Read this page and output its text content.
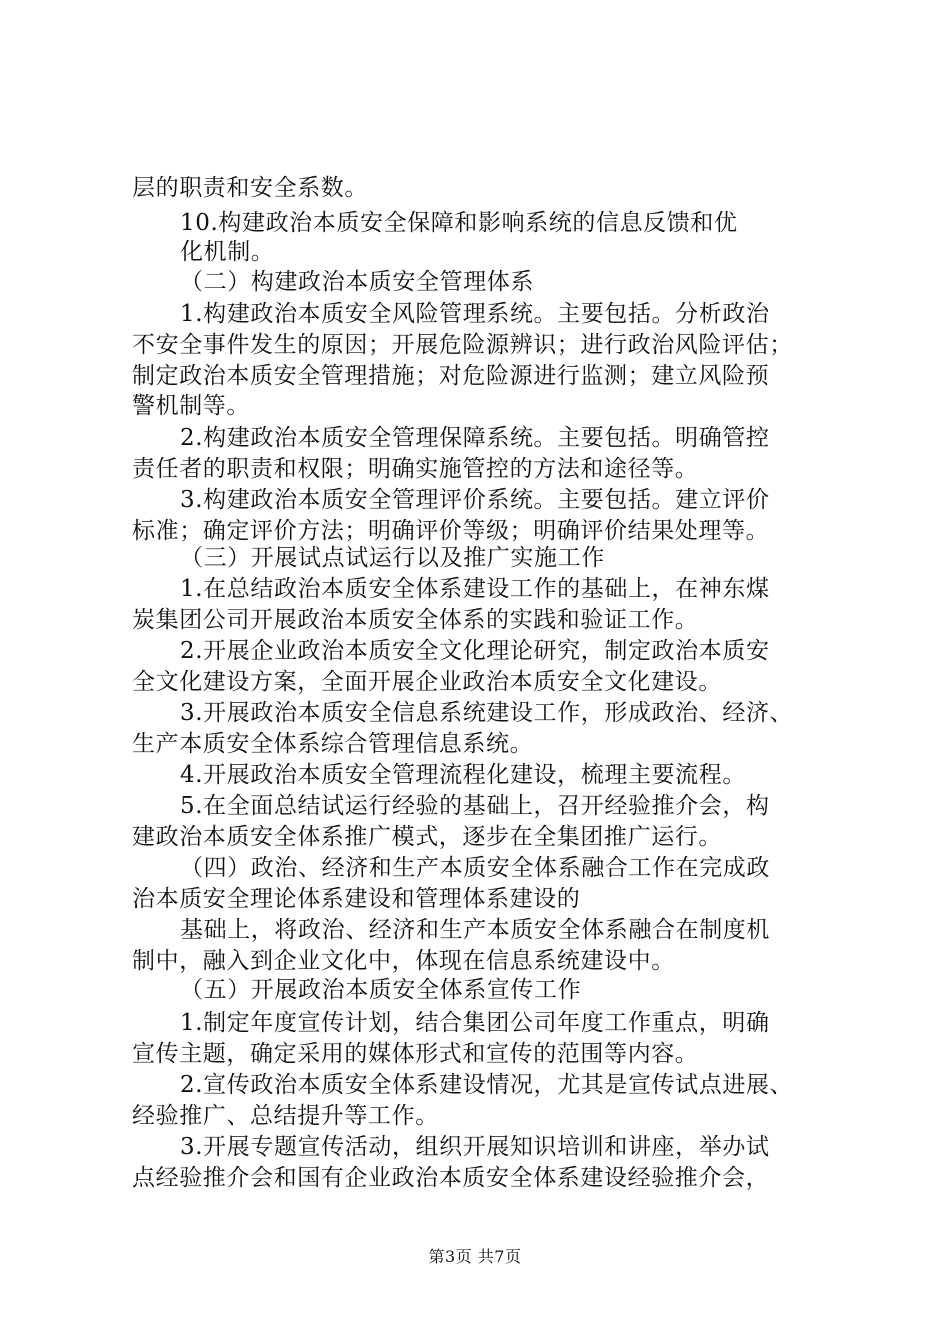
层的职责和安全系数。
10.构建政治本质安全保障和影响系统的信息反馈和优
化机制。
（二）构建政治本质安全管理体系
1.构建政治本质安全风险管理系统。主要包括。分析政治
不安全事件发生的原因；开展危险源辨识；进行政治风险评估；
制定政治本质安全管理措施；对危险源进行监测；建立风险预
警机制等。
2.构建政治本质安全管理保障系统。主要包括。明确管控
责任者的职责和权限；明确实施管控的方法和途径等。
3.构建政治本质安全管理评价系统。主要包括。建立评价
标准；确定评价方法；明确评价等级；明确评价结果处理等。
（三）开展试点试运行以及推广实施工作
1.在总结政治本质安全体系建设工作的基础上，在神东煤
炭集团公司开展政治本质安全体系的实践和验证工作。
2.开展企业政治本质安全文化理论研究，制定政治本质安
全文化建设方案，全面开展企业政治本质安全文化建设。
3.开展政治本质安全信息系统建设工作，形成政治、经济、
生产本质安全体系综合管理信息系统。
4.开展政治本质安全管理流程化建设，梳理主要流程。
5.在全面总结试运行经验的基础上，召开经验推介会，构
建政治本质安全体系推广模式，逐步在全集团推广运行。
（四）政治、经济和生产本质安全体系融合工作在完成政
治本质安全理论体系建设和管理体系建设的
基础上，将政治、经济和生产本质安全体系融合在制度机
制中，融入到企业文化中，体现在信息系统建设中。
（五）开展政治本质安全体系宣传工作
1.制定年度宣传计划，结合集团公司年度工作重点，明确
宣传主题，确定采用的媒体形式和宣传的范围等内容。
2.宣传政治本质安全体系建设情况，尤其是宣传试点进展、
经验推广、总结提升等工作。
3.开展专题宣传活动，组织开展知识培训和讲座，举办试
点经验推介会和国有企业政治本质安全体系建设经验推介会，
第3页 共7页
